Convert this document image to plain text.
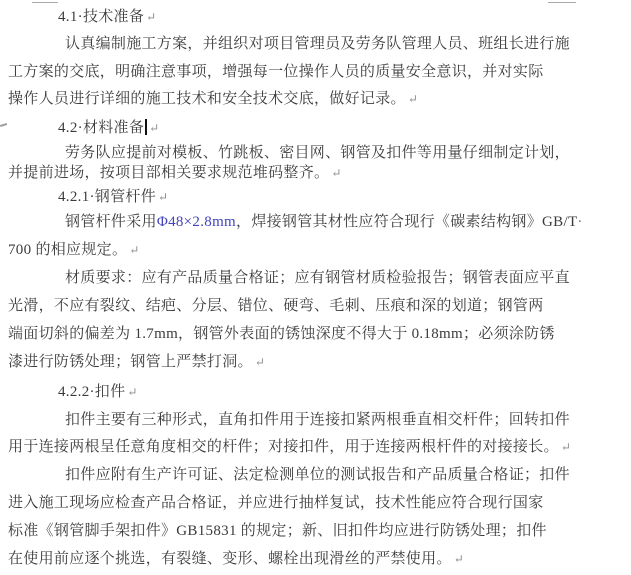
4.1·技术准备 ↵
认真编制施工方案，并组织对项目管理员及劳务队管理人员、班组长进行施
工方案的交底，明确注意事项，增强每一位操作人员的质量安全意识，并对实际
操作人员进行详细的施工技术和安全技术交底，做好记录。 ↵
4.2·材料准备 ↵
劳务队应提前对模板、竹跳板、密目网、钢管及扣件等用量仔细制定计划，
并提前进场，按项目部相关要求规范堆码整齐。 ↵
4.2.1·钢管杆件 ↵
钢管杆件采用Φ48×2.8mm，焊接钢管其材性应符合现行《碳素结构钢》GB/T·
700 的相应规定。 ↵
材质要求：应有产品质量合格证；应有钢管材质检验报告；钢管表面应平直
光滑，不应有裂纹、结疤、分层、错位、硬弯、毛刺、压痕和深的划道；钢管两
端面切斜的偏差为 1.7mm，钢管外表面的锈蚀深度不得大于 0.18mm；必须涂防锈
漆进行防锈处理；钢管上严禁打洞。 ↵
4.2.2·扣件 ↵
扣件主要有三种形式，直角扣件用于连接扣紧两根垂直相交杆件；回转扣件
用于连接两根呈任意角度相交的杆件；对接扣件，用于连接两根杆件的对接接长。 ↵
扣件应附有生产许可证、法定检测单位的测试报告和产品质量合格证；扣件
进入施工现场应检查产品合格证，并应进行抽样复试，技术性能应符合现行国家
标准《钢管脚手架扣件》GB15831 的规定；新、旧扣件均应进行防锈处理；扣件
在使用前应逐个挑选，有裂缝、变形、螺栓出现滑丝的严禁使用。 ↵
